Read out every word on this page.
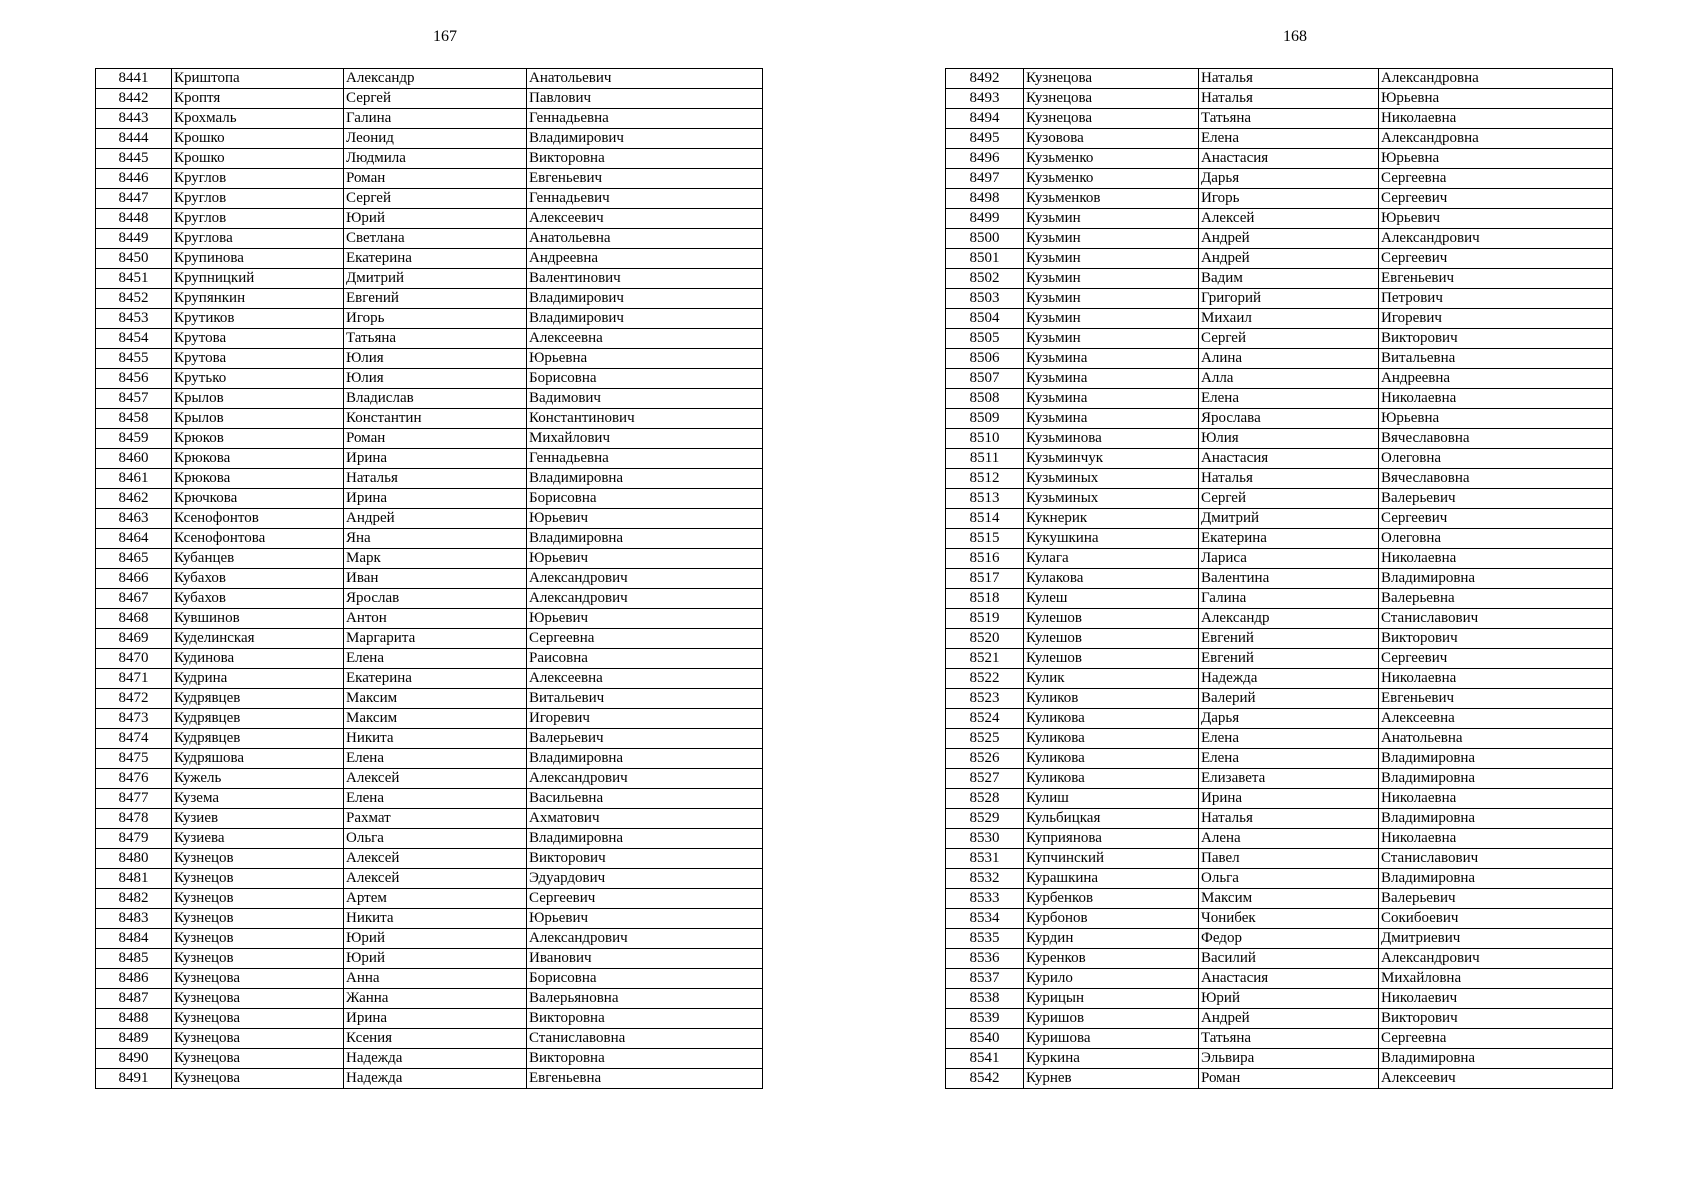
167
8441	Криштопа	Александр	Анатольевич
8442	Кроптя	Сергей	Павлович
8443	Крохмаль	Галина	Геннадьевна
8444	Крошко	Леонид	Владимирович
8445	Крошко	Людмила	Викторовна
8446	Круглов	Роман	Евгеньевич
8447	Круглов	Сергей	Геннадьевич
8448	Круглов	Юрий	Алексеевич
8449	Круглова	Светлана	Анатольевна
8450	Крупинова	Екатерина	Андреевна
8451	Крупницкий	Дмитрий	Валентинович
8452	Крупянкин	Евгений	Владимирович
8453	Крутиков	Игорь	Владимирович
8454	Крутова	Татьяна	Алексеевна
8455	Крутова	Юлия	Юрьевна
8456	Крутько	Юлия	Борисовна
8457	Крылов	Владислав	Вадимович
8458	Крылов	Константин	Константинович
8459	Крюков	Роман	Михайлович
8460	Крюкова	Ирина	Геннадьевна
8461	Крюкова	Наталья	Владимировна
8462	Крючкова	Ирина	Борисовна
8463	Ксенофонтов	Андрей	Юрьевич
8464	Ксенофонтова	Яна	Владимировна
8465	Кубанцев	Марк	Юрьевич
8466	Кубахов	Иван	Александрович
8467	Кубахов	Ярослав	Александрович
8468	Кувшинов	Антон	Юрьевич
8469	Куделинская	Маргарита	Сергеевна
8470	Кудинова	Елена	Раисовна
8471	Кудрина	Екатерина	Алексеевна
8472	Кудрявцев	Максим	Витальевич
8473	Кудрявцев	Максим	Игоревич
8474	Кудрявцев	Никита	Валерьевич
8475	Кудряшова	Елена	Владимировна
8476	Кужель	Алексей	Александрович
8477	Кузема	Елена	Васильевна
8478	Кузиев	Рахмат	Ахматович
8479	Кузиева	Ольга	Владимировна
8480	Кузнецов	Алексей	Викторович
8481	Кузнецов	Алексей	Эдуардович
8482	Кузнецов	Артем	Сергеевич
8483	Кузнецов	Никита	Юрьевич
8484	Кузнецов	Юрий	Александрович
8485	Кузнецов	Юрий	Иванович
8486	Кузнецова	Анна	Борисовна
8487	Кузнецова	Жанна	Валерьяновна
8488	Кузнецова	Ирина	Викторовна
8489	Кузнецова	Ксения	Станиславовна
8490	Кузнецова	Надежда	Викторовна
8491	Кузнецова	Надежда	Евгеньевна
168
8492	Кузнецова	Наталья	Александровна
8493	Кузнецова	Наталья	Юрьевна
8494	Кузнецова	Татьяна	Николаевна
8495	Кузовова	Елена	Александровна
8496	Кузьменко	Анастасия	Юрьевна
8497	Кузьменко	Дарья	Сергеевна
8498	Кузьменков	Игорь	Сергеевич
8499	Кузьмин	Алексей	Юрьевич
8500	Кузьмин	Андрей	Александрович
8501	Кузьмин	Андрей	Сергеевич
8502	Кузьмин	Вадим	Евгеньевич
8503	Кузьмин	Григорий	Петрович
8504	Кузьмин	Михаил	Игоревич
8505	Кузьмин	Сергей	Викторович
8506	Кузьмина	Алина	Витальевна
8507	Кузьмина	Алла	Андреевна
8508	Кузьмина	Елена	Николаевна
8509	Кузьмина	Ярослава	Юрьевна
8510	Кузьминова	Юлия	Вячеславовна
8511	Кузьминчук	Анастасия	Олеговна
8512	Кузьминых	Наталья	Вячеславовна
8513	Кузьминых	Сергей	Валерьевич
8514	Кукнерик	Дмитрий	Сергеевич
8515	Кукушкина	Екатерина	Олеговна
8516	Кулага	Лариса	Николаевна
8517	Кулакова	Валентина	Владимировна
8518	Кулеш	Галина	Валерьевна
8519	Кулешов	Александр	Станиславович
8520	Кулешов	Евгений	Викторович
8521	Кулешов	Евгений	Сергеевич
8522	Кулик	Надежда	Николаевна
8523	Куликов	Валерий	Евгеньевич
8524	Куликова	Дарья	Алексеевна
8525	Куликова	Елена	Анатольевна
8526	Куликова	Елена	Владимировна
8527	Куликова	Елизавета	Владимировна
8528	Кулиш	Ирина	Николаевна
8529	Кульбицкая	Наталья	Владимировна
8530	Куприянова	Алена	Николаевна
8531	Купчинский	Павел	Станиславович
8532	Курашкина	Ольга	Владимировна
8533	Курбенков	Максим	Валерьевич
8534	Курбонов	Чонибек	Сокибоевич
8535	Курдин	Федор	Дмитриевич
8536	Куренков	Василий	Александрович
8537	Курило	Анастасия	Михайловна
8538	Курицын	Юрий	Николаевич
8539	Куришов	Андрей	Викторович
8540	Куришова	Татьяна	Сергеевна
8541	Куркина	Эльвира	Владимировна
8542	Курнев	Роман	Алексеевич
